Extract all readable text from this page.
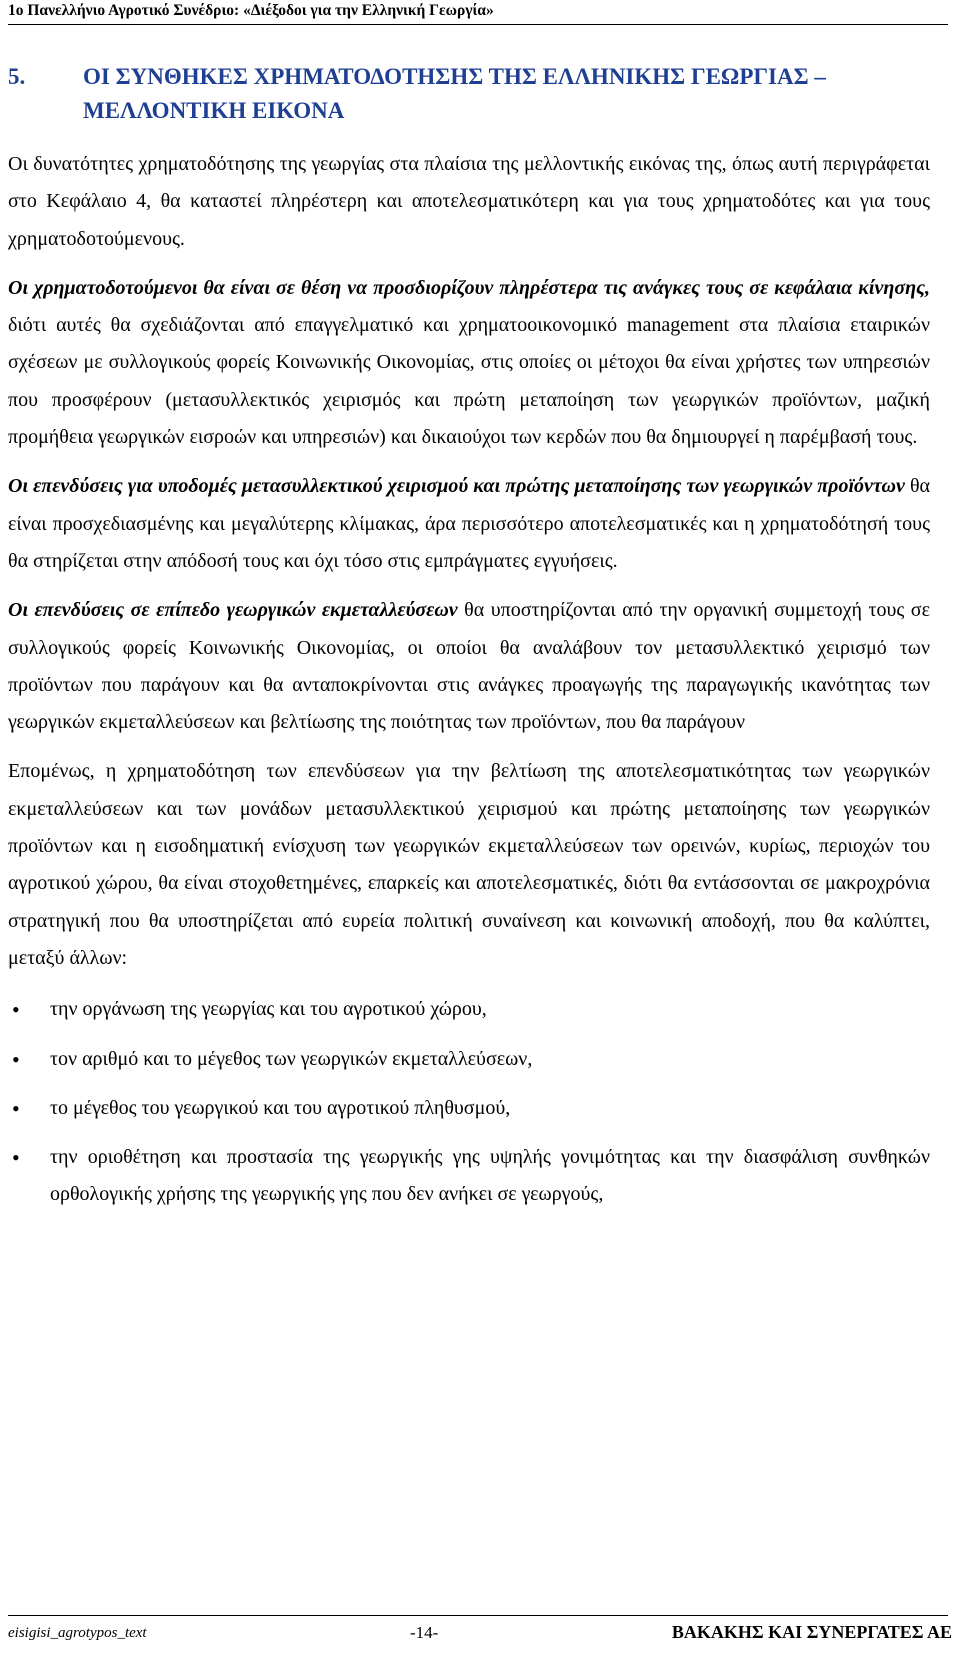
1ο Πανελλήνιο Αγροτικό Συνέδριο: «Διέξοδοι για την Ελληνική Γεωργία»
5.	ΟΙ ΣΥΝΘΗΚΕΣ ΧΡΗΜΑΤΟΔΟΤΗΣΗΣ ΤΗΣ ΕΛΛΗΝΙΚΗΣ ΓΕΩΡΓΙΑΣ –
ΜΕΛΛΟΝΤΙΚΗ ΕΙΚΟΝΑ

Οι δυνατότητες χρηματοδότησης της γεωργίας στα πλαίσια της μελλοντικής εικόνας της, όπως αυτή περιγράφεται στο Κεφάλαιο 4, θα καταστεί πληρέστερη και αποτελεσματικότερη και για τους χρηματοδότες και για τους χρηματοδοτούμενους.

Οι χρηματοδοτούμενοι θα είναι σε θέση να προσδιορίζουν πληρέστερα τις ανάγκες τους σε κεφάλαια κίνησης, διότι αυτές θα σχεδιάζονται από επαγγελματικό και χρηματοοικονομικό management στα πλαίσια εταιρικών σχέσεων με συλλογικούς φορείς Κοινωνικής Οικονομίας, στις οποίες οι μέτοχοι θα είναι χρήστες των υπηρεσιών που προσφέρουν (μετασυλλεκτικός χειρισμός και πρώτη μεταποίηση των γεωργικών προϊόντων, μαζική προμήθεια γεωργικών εισροών και υπηρεσιών) και δικαιούχοι των κερδών που θα δημιουργεί η παρέμβασή τους.

Οι επενδύσεις για υποδομές μετασυλλεκτικού χειρισμού και πρώτης μεταποίησης των γεωργικών προϊόντων θα είναι προσχεδιασμένης και μεγαλύτερης κλίμακας, άρα περισσότερο αποτελεσματικές και η χρηματοδότησή τους θα στηρίζεται στην απόδοσή τους και όχι τόσο στις εμπράγματες εγγυήσεις.

Οι επενδύσεις σε επίπεδο γεωργικών εκμεταλλεύσεων θα υποστηρίζονται από την οργανική συμμετοχή τους σε συλλογικούς φορείς Κοινωνικής Οικονομίας, οι οποίοι θα αναλάβουν τον μετασυλλεκτικό χειρισμό των προϊόντων που παράγουν και θα ανταποκρίνονται στις ανάγκες προαγωγής της παραγωγικής ικανότητας των γεωργικών εκμεταλλεύσεων και βελτίωσης της ποιότητας των προϊόντων, που θα παράγουν

Επομένως, η χρηματοδότηση των επενδύσεων για την βελτίωση της αποτελεσματικότητας των γεωργικών εκμεταλλεύσεων και των μονάδων μετασυλλεκτικού χειρισμού και πρώτης μεταποίησης των γεωργικών προϊόντων και η εισοδηματική ενίσχυση των γεωργικών εκμεταλλεύσεων των ορεινών, κυρίως, περιοχών του αγροτικού χώρου, θα είναι στοχοθετημένες, επαρκείς και αποτελεσματικές, διότι θα εντάσσονται σε μακροχρόνια στρατηγική που θα υποστηρίζεται από ευρεία πολιτική συναίνεση και κοινωνική αποδοχή, που θα καλύπτει, μεταξύ άλλων:

• την οργάνωση της γεωργίας και του αγροτικού χώρου,
• τον αριθμό και το μέγεθος των γεωργικών εκμεταλλεύσεων,
• το μέγεθος του γεωργικού και του αγροτικού πληθυσμού,
• την οριοθέτηση και προστασία της γεωργικής γης υψηλής γονιμότητας και την διασφάλιση συνθηκών ορθολογικής χρήσης της γεωργικής γης που δεν ανήκει σε γεωργούς,
eisigisi_agrotypos_text	-14-	ΒΑΚΑΚΗΣ ΚΑΙ ΣΥΝΕΡΓΑΤΕΣ ΑΕ
